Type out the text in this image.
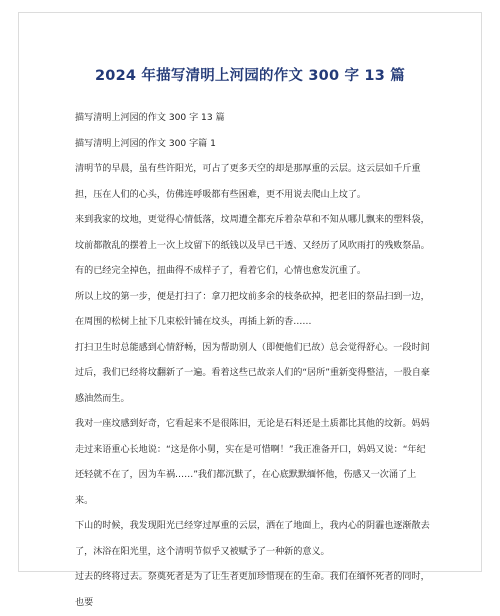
2024 年描写清明上河园的作文 300 字 13 篇

描写清明上河园的作文 300 字 13 篇

描写清明上河园的作文 300 字篇 1

清明节的早晨，虽有些许阳光，可占了更多天空的却是那厚重的云层。这云层如千斤重担，压在人们的心头，仿佛连呼吸都有些困难，更不用说去爬山上坟了。

来到我家的坟地，更觉得心情低落，坟周遭全都充斥着杂草和不知从哪儿飘来的塑料袋，坟前都散乱的摆着上一次上坟留下的纸钱以及早已干透、又经历了风吹雨打的残败祭品。有的已经完全掉色，扭曲得不成样子了，看着它们，心情也愈发沉重了。

所以上坟的第一步，便是打扫了：拿刀把坟前多余的枝条砍掉，把老旧的祭品扫到一边，在周围的松树上扯下几束松针铺在坟头，再插上新的香……

打扫卫生时总能感到心情舒畅，因为帮助别人（即便他们已故）总会觉得舒心。一段时间过后，我们已经将坟翻新了一遍。看着这些已故亲人们的“居所”重新变得整洁，一股自豪感油然而生。

我对一座坟感到好奇，它看起来不是很陈旧，无论是石料还是土质都比其他的坟新。妈妈走过来语重心长地说：“这是你小舅，实在是可惜啊！”我正准备开口，妈妈又说：“年纪还轻就不在了，因为车祸……”我们都沉默了，在心底默默缅怀他，伤感又一次涌了上来。

下山的时候，我发现阳光已经穿过厚重的云层，洒在了地面上，我内心的阴霾也逐渐散去了，沐浴在阳光里，这个清明节似乎又被赋予了一种新的意义。

过去的终将过去。祭奠死者是为了让生者更加珍惜现在的生命。我们在缅怀死者的同时，也要
